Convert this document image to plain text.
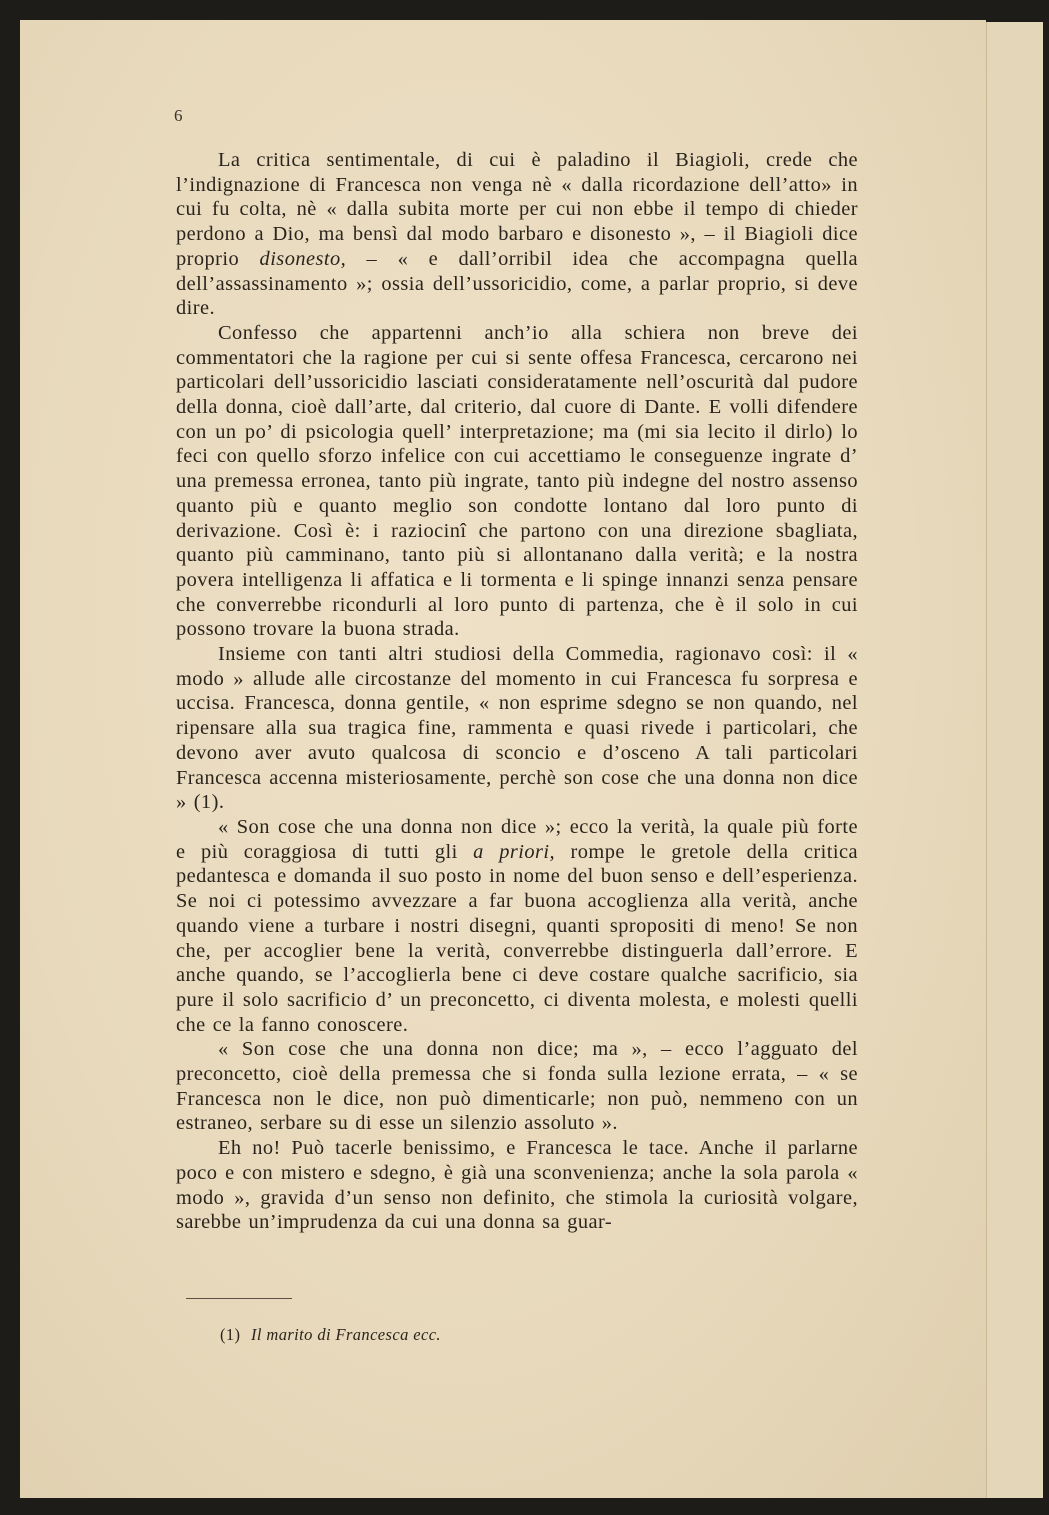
6

La critica sentimentale, di cui è paladino il Biagioli, crede che l’indignazione di Francesca non venga nè « dalla ricordazione dell’atto» in cui fu colta, nè « dalla subita morte per cui non ebbe il tempo di chieder perdono a Dio, ma bensì dal modo barbaro e disonesto », – il Biagioli dice proprio disonesto, – « e dall’orribil idea che accompagna quella dell’assassinamento »; ossia dell’ussoricidio, come, a parlar proprio, si deve dire.

Confesso che appartenni anch’io alla schiera non breve dei commentatori che la ragione per cui si sente offesa Francesca, cercarono nei particolari dell’ussoricidio lasciati consideratamente nell’oscurità dal pudore della donna, cioè dall’arte, dal criterio, dal cuore di Dante. E volli difendere con un po’ di psicologia quell’ interpretazione; ma (mi sia lecito il dirlo) lo feci con quello sforzo infelice con cui accettiamo le conseguenze ingrate d’ una premessa erronea, tanto più ingrate, tanto più indegne del nostro assenso quanto più e quanto meglio son condotte lontano dal loro punto di derivazione. Così è: i raziocinî che partono con una direzione sbagliata, quanto più camminano, tanto più si allontanano dalla verità; e la nostra povera intelligenza li affatica e li tormenta e li spinge innanzi senza pensare che converrebbe ricondurli al loro punto di partenza, che è il solo in cui possono trovare la buona strada.

Insieme con tanti altri studiosi della Commedia, ragionavo così: il « modo » allude alle circostanze del momento in cui Francesca fu sorpresa e uccisa. Francesca, donna gentile, « non esprime sdegno se non quando, nel ripensare alla sua tragica fine, rammenta e quasi rivede i particolari, che devono aver avuto qualcosa di sconcio e d’osceno A tali particolari Francesca accenna misteriosamente, perchè son cose che una donna non dice » (1).

« Son cose che una donna non dice »; ecco la verità, la quale più forte e più coraggiosa di tutti gli a priori, rompe le gretole della critica pedantesca e domanda il suo posto in nome del buon senso e dell’esperienza. Se noi ci potessimo avvezzare a far buona accoglienza alla verità, anche quando viene a turbare i nostri disegni, quanti spropositi di meno! Se non che, per accoglier bene la verità, converrebbe distinguerla dall’errore. E anche quando, se l’accoglierla bene ci deve costare qualche sacrificio, sia pure il solo sacrificio d’ un preconcetto, ci diventa molesta, e molesti quelli che ce la fanno conoscere.

« Son cose che una donna non dice; ma », – ecco l’agguato del preconcetto, cioè della premessa che si fonda sulla lezione errata, – « se Francesca non le dice, non può dimenticarle; non può, nemmeno con un estraneo, serbare su di esse un silenzio assoluto ».

Eh no! Può tacerle benissimo, e Francesca le tace. Anche il parlarne poco e con mistero e sdegno, è già una sconvenienza; anche la sola parola « modo », gravida d’un senso non definito, che stimola la curiosità volgare, sarebbe un’imprudenza da cui una donna sa guar-

(1) Il marito di Francesca ecc.
